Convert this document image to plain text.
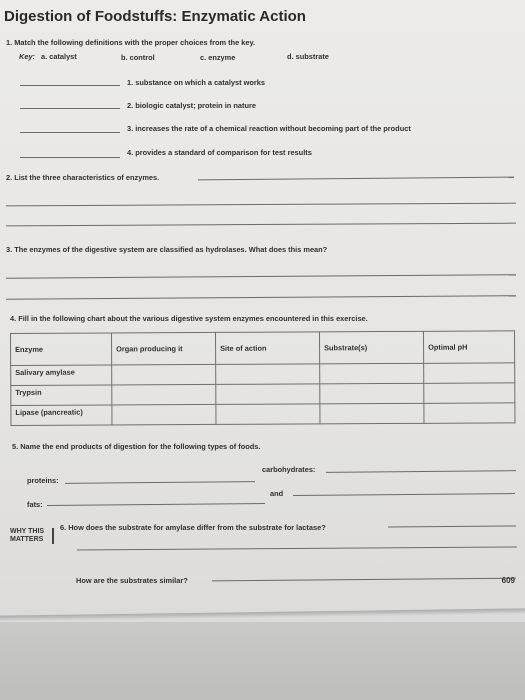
Digestion of Foodstuffs: Enzymatic Action
1. Match the following definitions with the proper choices from the key.
Key: a. catalyst	b. control	c. enzyme	d. substrate
1. substance on which a catalyst works
2. biologic catalyst; protein in nature
3. increases the rate of a chemical reaction without becoming part of the product
4. provides a standard of comparison for test results
2. List the three characteristics of enzymes.
3. The enzymes of the digestive system are classified as hydrolases. What does this mean?
4. Fill in the following chart about the various digestive system enzymes encountered in this exercise.
Enzyme	Organ producing it	Site of action	Substrate(s)	Optimal pH
Salivary amylase				
Trypsin				
Lipase (pancreatic)				
5. Name the end products of digestion for the following types of foods.
proteins:
carbohydrates:
fats:
and
WHY THIS
MATTERS
6. How does the substrate for amylase differ from the substrate for lactase?
How are the substrates similar?	609
